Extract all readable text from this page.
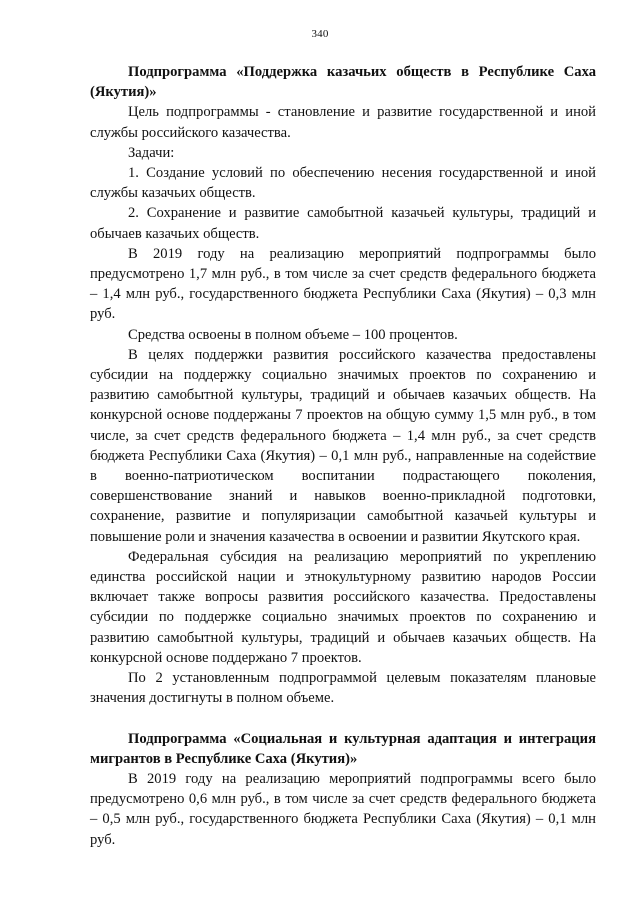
340

Подпрограмма «Поддержка казачьих обществ в Республике Саха (Якутия)»

Цель подпрограммы - становление и развитие государственной и иной службы российского казачества.

Задачи:

1. Создание условий по обеспечению несения государственной и иной службы казачьих обществ.

2. Сохранение и развитие самобытной казачьей культуры, традиций и обычаев казачьих обществ.

В 2019 году на реализацию мероприятий подпрограммы было предусмотрено 1,7 млн руб., в том числе за счет средств федерального бюджета – 1,4 млн руб., государственного бюджета Республики Саха (Якутия) – 0,3 млн руб.

Средства освоены в полном объеме – 100 процентов.

В целях поддержки развития российского казачества предоставлены субсидии на поддержку социально значимых проектов по сохранению и развитию самобытной культуры, традиций и обычаев казачьих обществ. На конкурсной основе поддержаны 7 проектов на общую сумму 1,5 млн руб., в том числе, за счет средств федерального бюджета – 1,4 млн руб., за счет средств бюджета Республики Саха (Якутия) – 0,1 млн руб., направленные на содействие в военно-патриотическом воспитании подрастающего поколения, совершенствование знаний и навыков военно-прикладной подготовки, сохранение, развитие и популяризации самобытной казачьей культуры и повышение роли и значения казачества в освоении и развитии Якутского края.

Федеральная субсидия на реализацию мероприятий по укреплению единства российской нации и этнокультурному развитию народов России включает также вопросы развития российского казачества. Предоставлены субсидии по поддержке социально значимых проектов по сохранению и развитию самобытной культуры, традиций и обычаев казачьих обществ. На конкурсной основе поддержано 7 проектов.

По 2 установленным подпрограммой целевым показателям плановые значения достигнуты в полном объеме.

Подпрограмма «Социальная и культурная адаптация и интеграция мигрантов в Республике Саха (Якутия)»

В 2019 году на реализацию мероприятий подпрограммы всего было предусмотрено 0,6 млн руб., в том числе за счет средств федерального бюджета – 0,5 млн руб., государственного бюджета Республики Саха (Якутия) – 0,1 млн руб.
